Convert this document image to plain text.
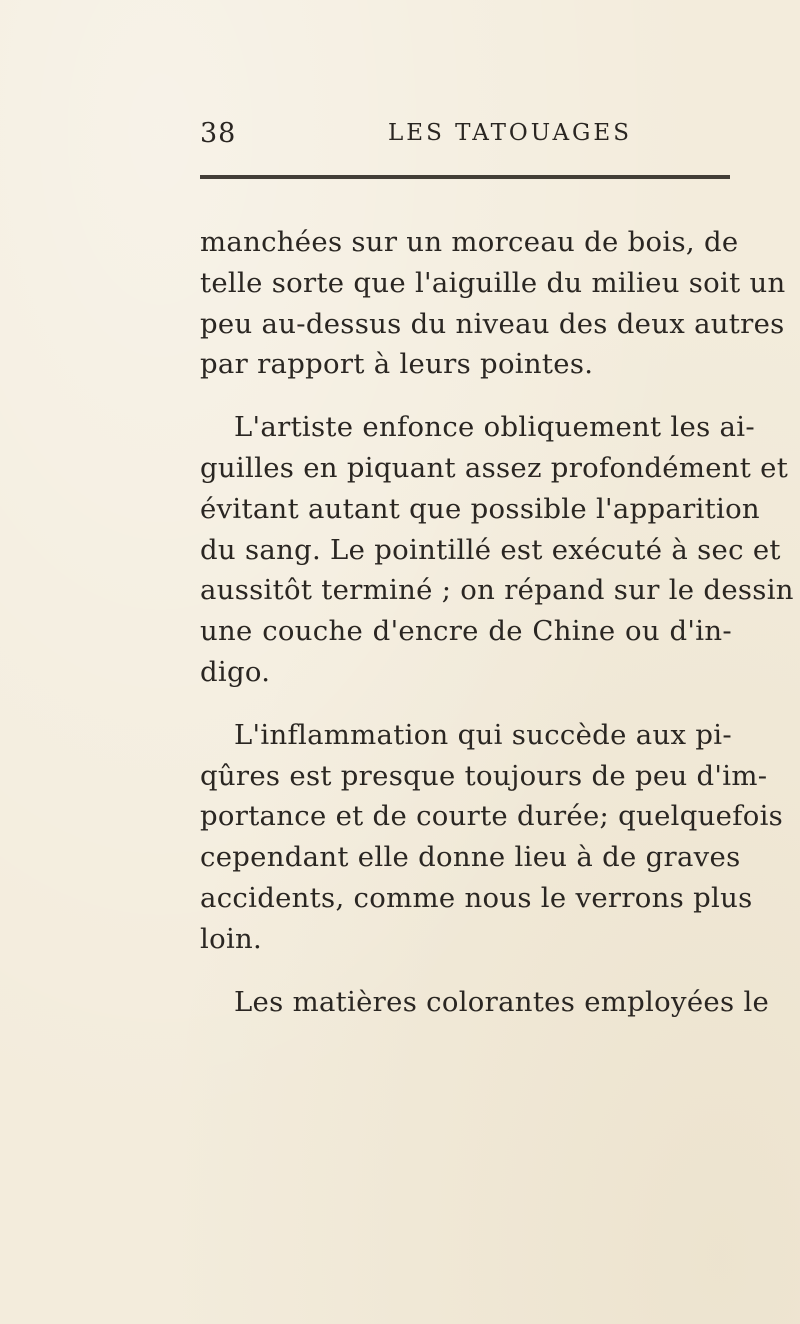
38	LES TATOUAGES

manchées sur un morceau de bois, de
telle sorte que l'aiguille du milieu soit un
peu au-dessus du niveau des deux autres
par rapport à leurs pointes.

L'artiste enfonce obliquement les ai-
guilles en piquant assez profondément et
évitant autant que possible l'apparition
du sang. Le pointillé est exécuté à sec et
aussitôt terminé ; on répand sur le dessin
une couche d'encre de Chine ou d'in-
digo.

L'inflammation qui succède aux pi-
qûres est presque toujours de peu d'im-
portance et de courte durée; quelquefois
cependant elle donne lieu à de graves
accidents, comme nous le verrons plus
loin.

Les matières colorantes employées le
